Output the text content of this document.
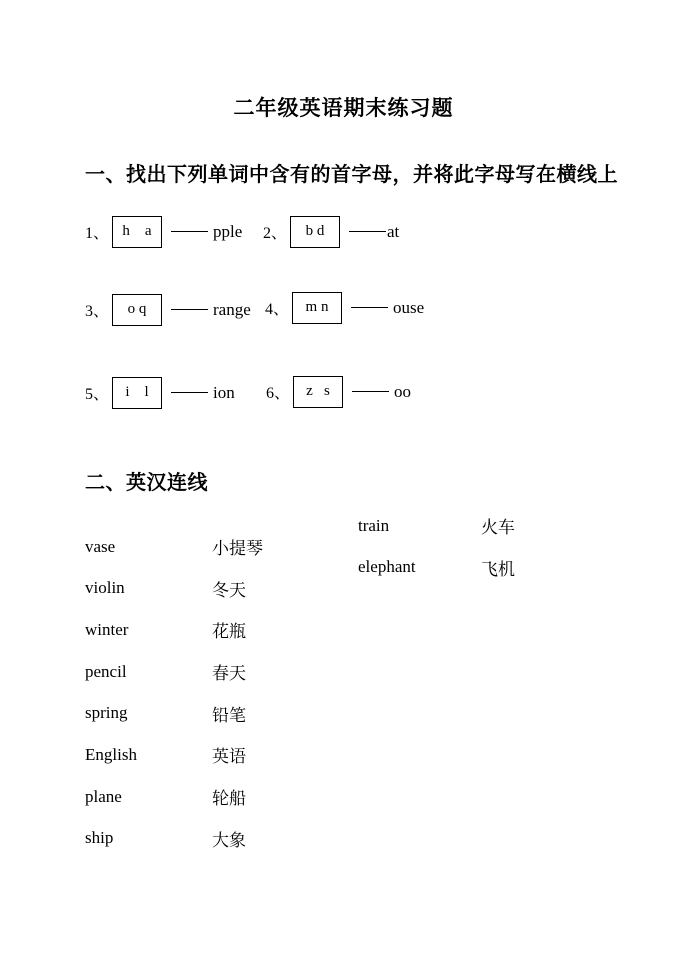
二年级英语期末练习题
一、找出下列单词中含有的首字母，并将此字母写在横线上
1、 h    a	pple 2、	b d	at
3、	o q	range 4、	m n	ouse
5、	i    l	ion 6、	z   s	oo
二、英汉连线
vase	小提琴
violin	冬天
winter	花瓶
pencil	春天
spring	铅笔
English	英语
plane	轮船
ship	大象
train	火车
elephant	飞机
